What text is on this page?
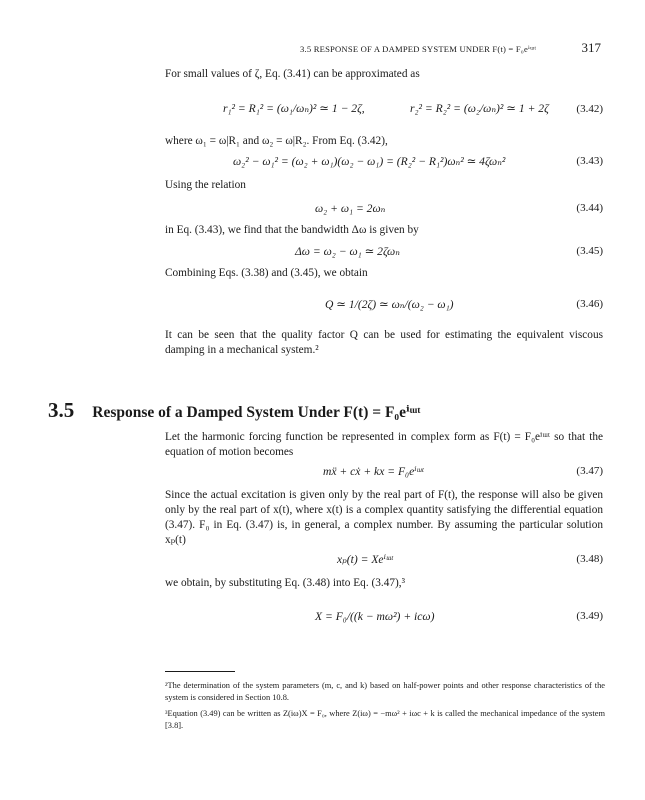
3.5 RESPONSE OF A DAMPED SYSTEM UNDER F(t) = F₀eⁱᵚᵗ	317
For small values of ζ, Eq. (3.41) can be approximated as
r₁² = R₁² = (ω₁/ωₙ)² ≃ 1 − 2ζ,	r₂² = R₂² = (ω₂/ωₙ)² ≃ 1 + 2ζ	(3.42)
where ω₁ = ω|R₁ and ω₂ = ω|R₂. From Eq. (3.42),
ω₂² − ω₁² = (ω₂ + ω₁)(ω₂ − ω₁) = (R₂² − R₁²)ωₙ² ≃ 4ζωₙ²	(3.43)
Using the relation
ω₂ + ω₁ = 2ωₙ	(3.44)
in Eq. (3.43), we find that the bandwidth Δω is given by
Δω = ω₂ − ω₁ ≃ 2ζωₙ	(3.45)
Combining Eqs. (3.38) and (3.45), we obtain
Q ≃ 1/(2ζ) ≃ ωₙ/(ω₂ − ω₁)	(3.46)
It can be seen that the quality factor Q can be used for estimating the equivalent viscous damping in a mechanical system.²
3.5 Response of a Damped System Under F(t) = F₀eⁱᵚᵗ
Let the harmonic forcing function be represented in complex form as F(t) = F₀eⁱᵚᵗ so that the equation of motion becomes
mẍ + cẋ + kx = F₀eⁱᵚᵗ	(3.47)
Since the actual excitation is given only by the real part of F(t), the response will also be given only by the real part of x(t), where x(t) is a complex quantity satisfying the differential equation (3.47). F₀ in Eq. (3.47) is, in general, a complex number. By assuming the particular solution xₚ(t)
xₚ(t) = Xeⁱᵚᵗ	(3.48)
we obtain, by substituting Eq. (3.48) into Eq. (3.47),³
X = F₀/((k − mω²) + icω)	(3.49)
²The determination of the system parameters (m, c, and k) based on half-power points and other response characteristics of the system is considered in Section 10.8.
³Equation (3.49) can be written as Z(iω)X = F₀, where Z(iω) = −mω² + iωc + k is called the mechanical impedance of the system [3.8].
